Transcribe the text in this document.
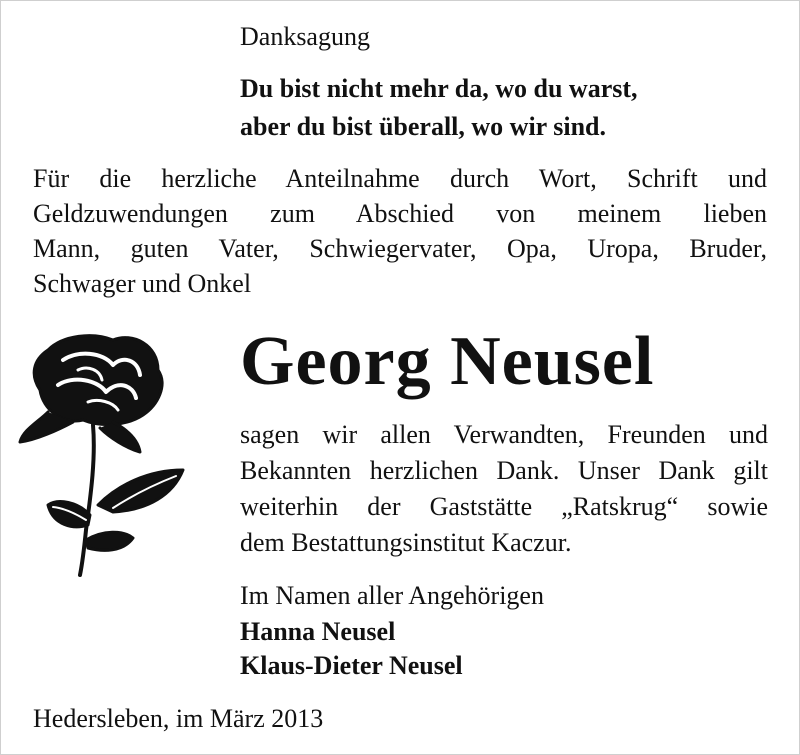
Danksagung
Du bist nicht mehr da, wo du warst,
aber du bist überall, wo wir sind.
Für die herzliche Anteilnahme durch Wort, Schrift und
Geldzuwendungen zum Abschied von meinem lieben
Mann, guten Vater, Schwiegervater, Opa, Uropa, Bruder,
Schwager und Onkel
Georg Neusel
sagen wir allen Verwandten, Freunden und
Bekannten herzlichen Dank. Unser Dank gilt
weiterhin der Gaststätte „Ratskrug“ sowie
dem Bestattungsinstitut Kaczur.
Im Namen aller Angehörigen
Hanna Neusel
Klaus-Dieter Neusel
Hedersleben, im März 2013
